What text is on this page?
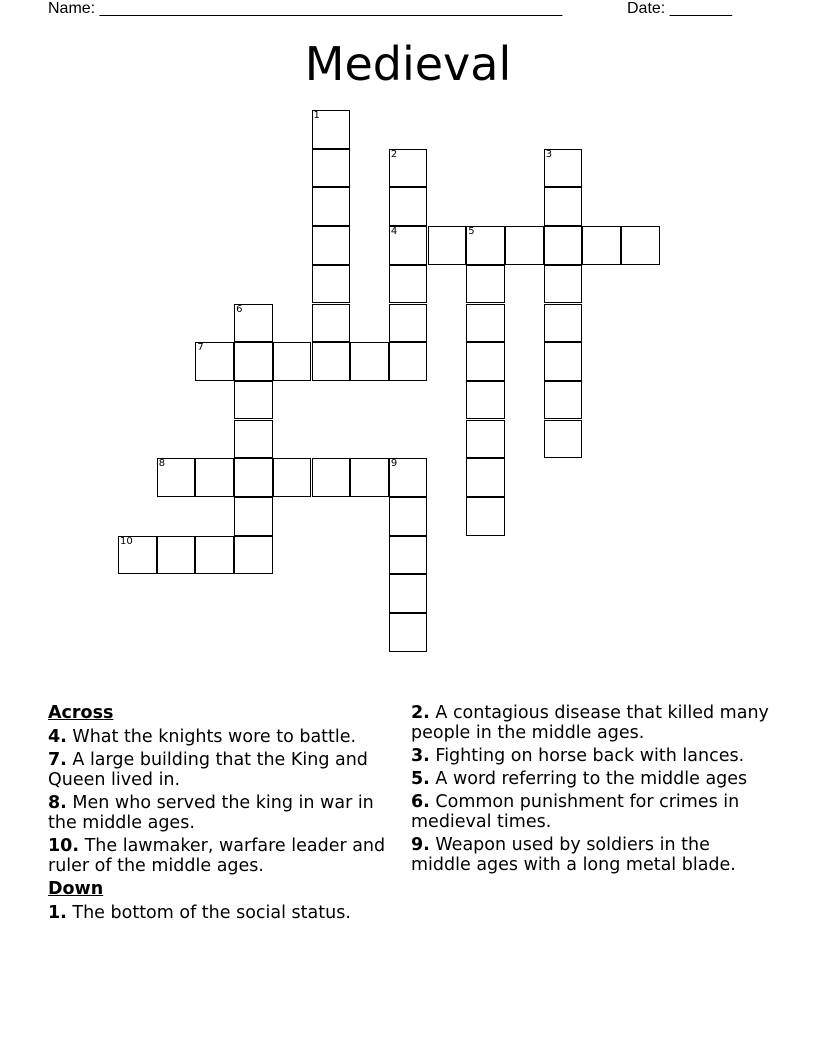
Name: ____________________________________________________	Date: _______
Medieval
1
2
4
3
5
6
7
8	9
10
Across
4. What the knights wore to battle.
7. A large building that the King and Queen lived in.
8. Men who served the king in war in the middle ages.
10. The lawmaker, warfare leader and ruler of the middle ages.
Down
1. The bottom of the social status.
2. A contagious disease that killed many people in the middle ages.
3. Fighting on horse back with lances.
5. A word referring to the middle ages
6. Common punishment for crimes in medieval times.
9. Weapon used by soldiers in the middle ages with a long metal blade.
